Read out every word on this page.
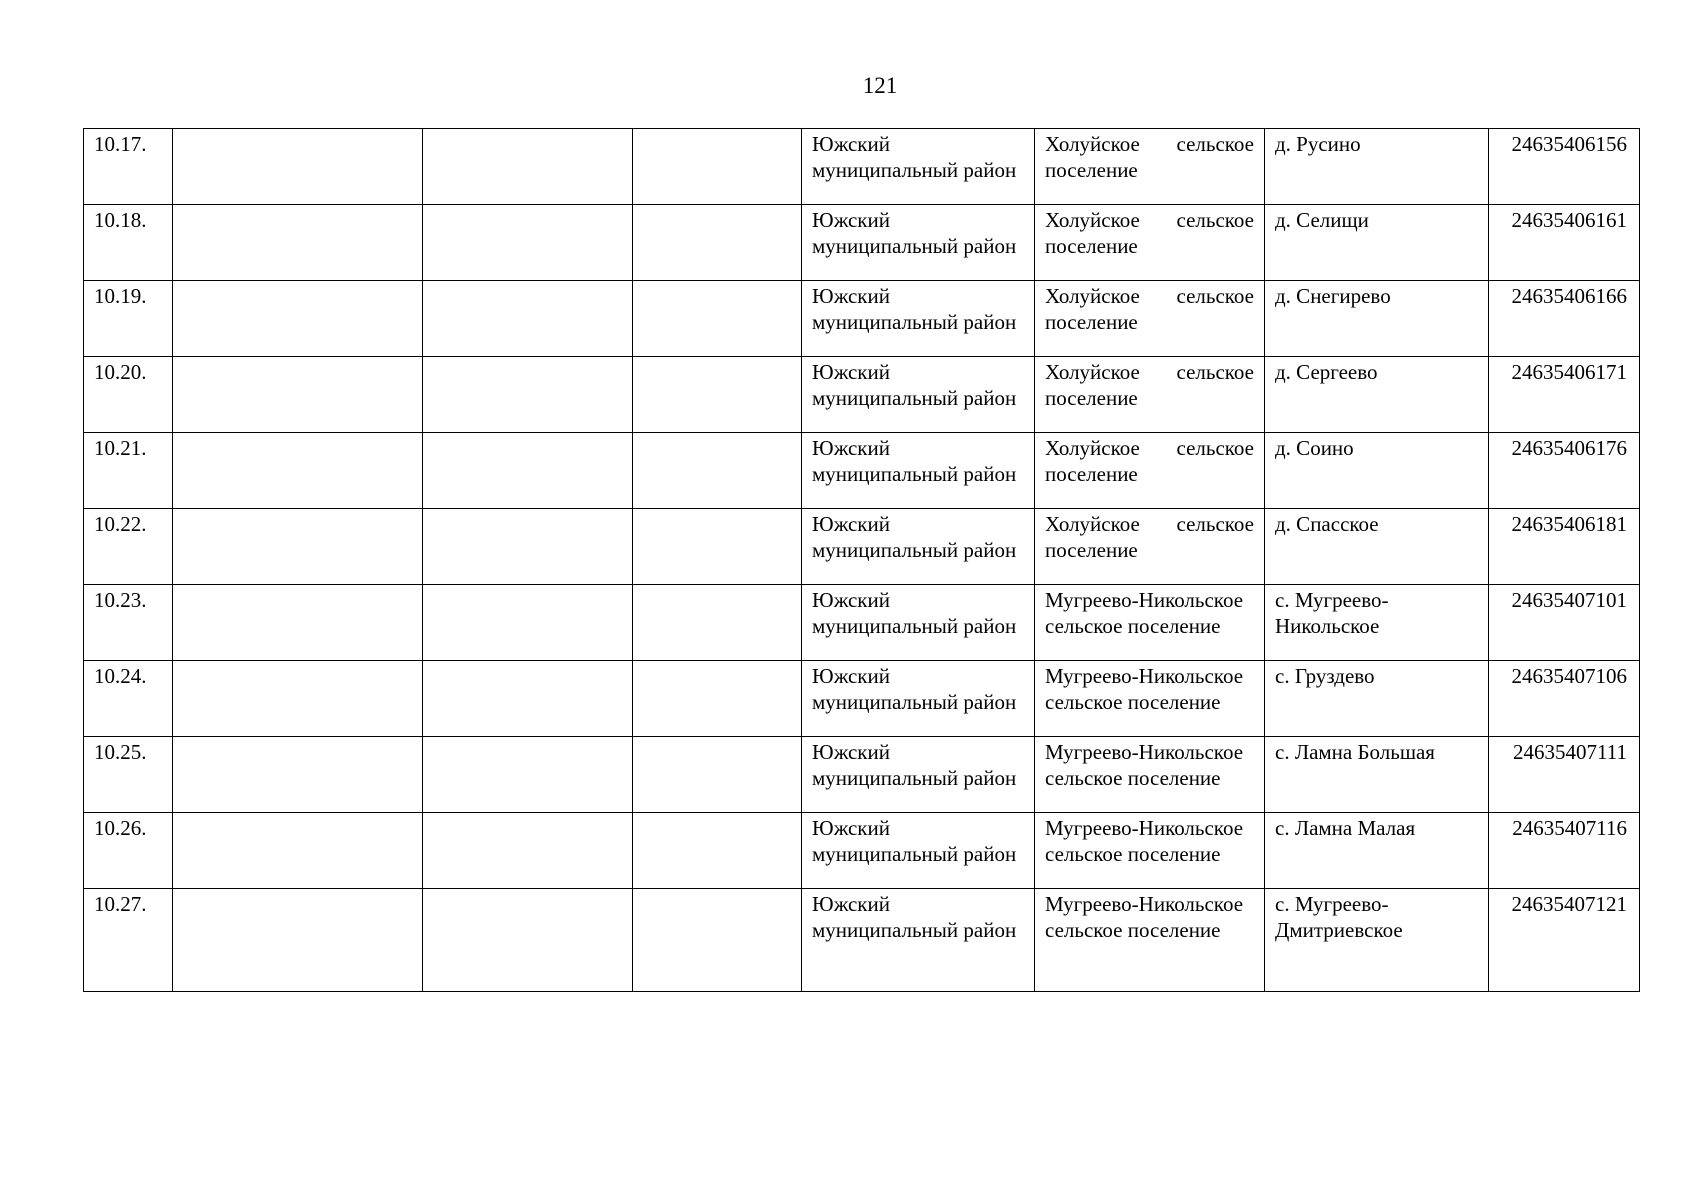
121
10.17.				Южский муниципальный район	Холуйское сельское поселение	д. Русино	24635406156
10.18.				Южский муниципальный район	Холуйское сельское поселение	д. Селищи	24635406161
10.19.				Южский муниципальный район	Холуйское сельское поселение	д. Снегирево	24635406166
10.20.				Южский муниципальный район	Холуйское сельское поселение	д. Сергеево	24635406171
10.21.				Южский муниципальный район	Холуйское сельское поселение	д. Соино	24635406176
10.22.				Южский муниципальный район	Холуйское сельское поселение	д. Спасское	24635406181
10.23.				Южский муниципальный район	Мугреево-Никольское сельское поселение	с. Мугреево-Никольское	24635407101
10.24.				Южский муниципальный район	Мугреево-Никольское сельское поселение	с. Груздево	24635407106
10.25.				Южский муниципальный район	Мугреево-Никольское сельское поселение	с. Ламна Большая	24635407111
10.26.				Южский муниципальный район	Мугреево-Никольское сельское поселение	с. Ламна Малая	24635407116
10.27.				Южский муниципальный район	Мугреево-Никольское сельское поселение	с. Мугреево-Дмитриевское	24635407121
